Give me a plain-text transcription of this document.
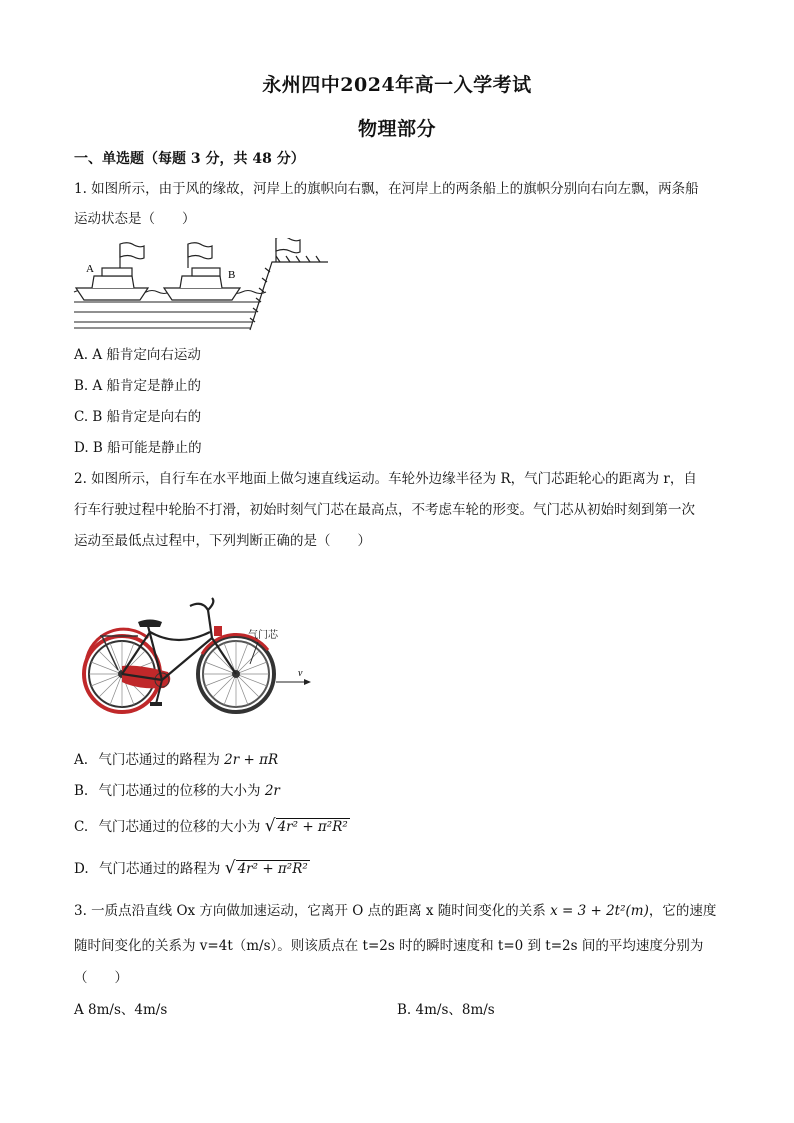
永州四中2024年高一入学考试
物理部分
一、单选题（每题 3 分，共 48 分）
1. 如图所示，由于风的缘故，河岸上的旗帜向右飘，在河岸上的两条船上的旗帜分别向右向左飘，两条船
运动状态是（　　）
A	B
A. A 船肯定向右运动
B. A 船肯定是静止的
C. B 船肯定是向右的
D. B 船可能是静止的
2. 如图所示，自行车在水平地面上做匀速直线运动。车轮外边缘半径为 R，气门芯距轮心的距离为 r，自
行车行驶过程中轮胎不打滑，初始时刻气门芯在最高点，不考虑车轮的形变。气门芯从初始时刻到第一次
运动至最低点过程中，下列判断正确的是（　　）
气门芯
v
A. 气门芯通过的路程为 2r + πR
B. 气门芯通过的位移的大小为 2r
C. 气门芯通过的位移的大小为 √ 4r² + π²R²
D. 气门芯通过的路程为 √ 4r² + π²R²
3. 一质点沿直线 Ox 方向做加速运动，它离开 O 点的距离 x 随时间变化的关系 x = 3 + 2t²(m)，它的速度
随时间变化的关系为 v=4t（m/s）。则该质点在 t=2s 时的瞬时速度和 t=0 到 t=2s 间的平均速度分别为
（　　）
A 8m/s、4m/s	B. 4m/s、8m/s
